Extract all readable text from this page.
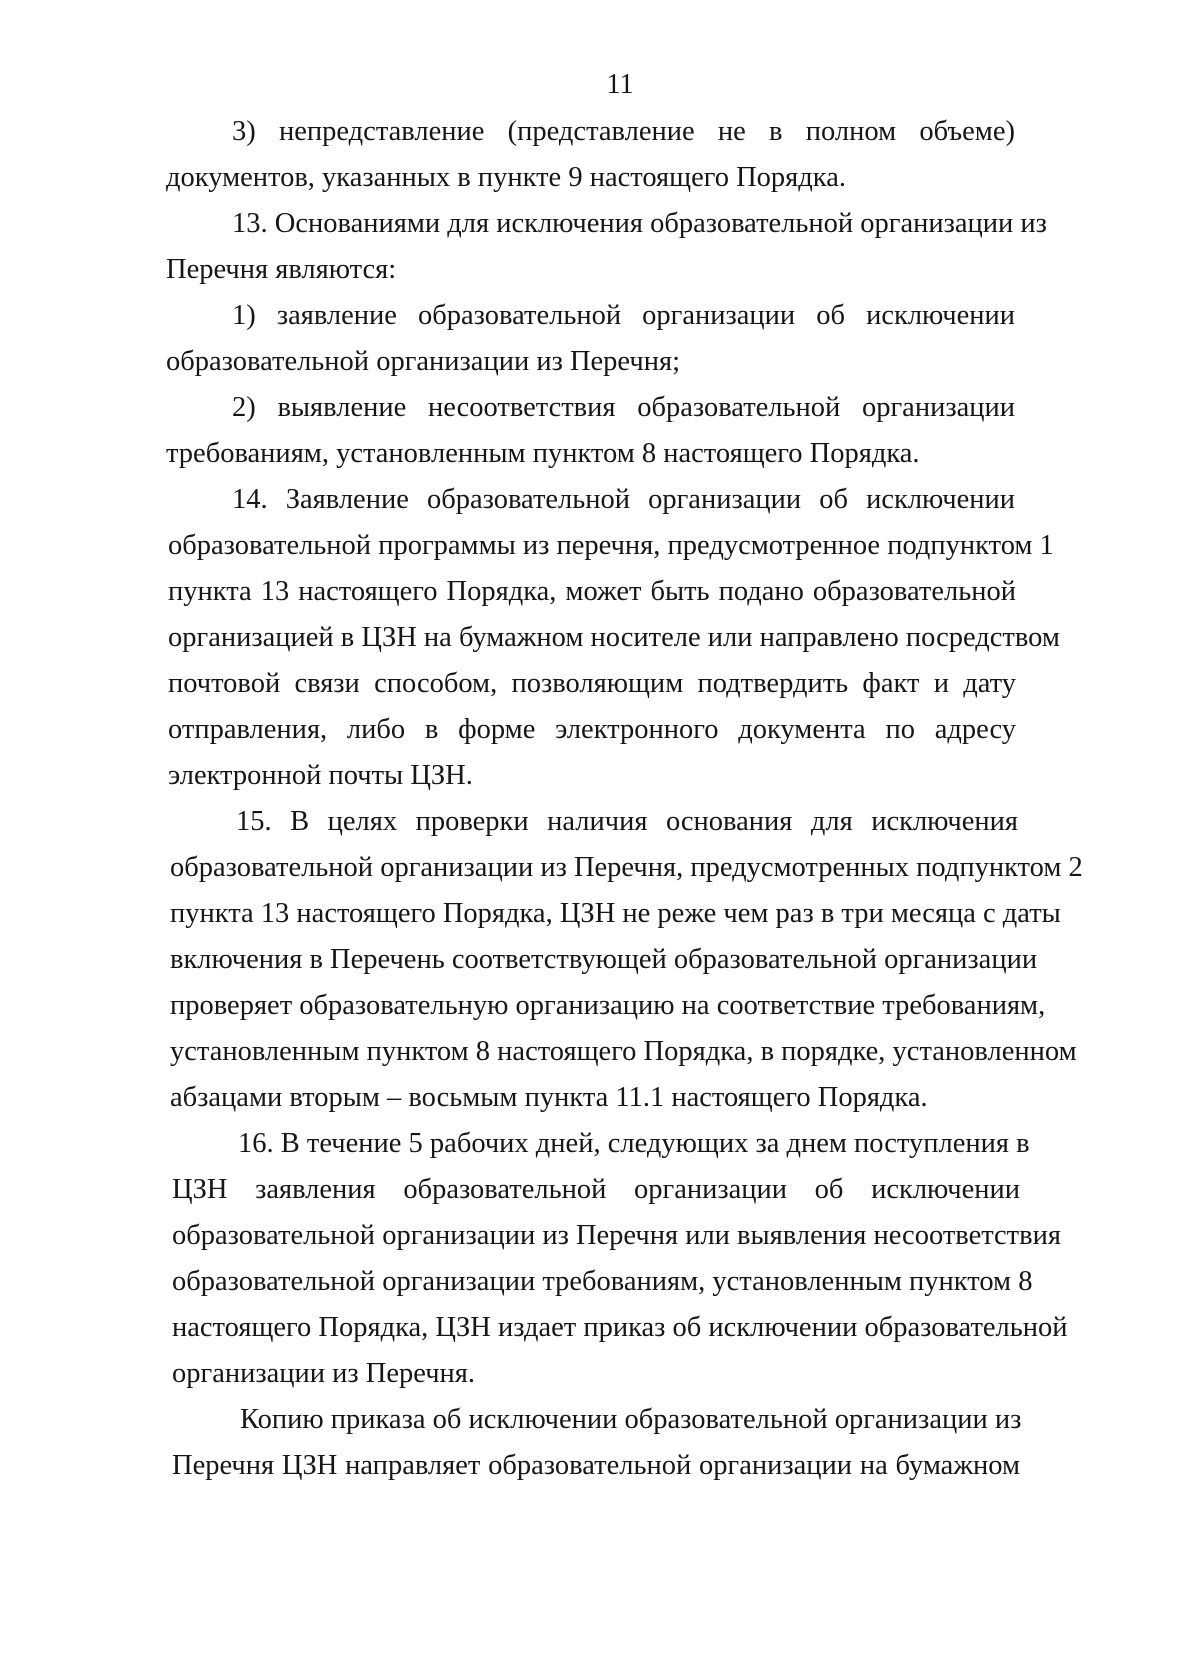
11
3) непредставление (представление не в полном объеме)
документов, указанных в пункте 9 настоящего Порядка.
13. Основаниями для исключения образовательной организации из
Перечня являются:
1) заявление образовательной организации об исключении
образовательной организации из Перечня;
2) выявление несоответствия образовательной организации
требованиям, установленным пунктом 8 настоящего Порядка.
14. Заявление образовательной организации об исключении
образовательной программы из перечня, предусмотренное подпунктом 1
пункта 13 настоящего Порядка, может быть подано образовательной
организацией в ЦЗН на бумажном носителе или направлено посредством
почтовой связи способом, позволяющим подтвердить факт и дату
отправления, либо в форме электронного документа по адресу
электронной почты ЦЗН.
15. В целях проверки наличия основания для исключения
образовательной организации из Перечня, предусмотренных подпунктом 2
пункта 13 настоящего Порядка, ЦЗН не реже чем раз в три месяца с даты
включения в Перечень соответствующей образовательной организации
проверяет образовательную организацию на соответствие требованиям,
установленным пунктом 8 настоящего Порядка, в порядке, установленном
абзацами вторым – восьмым пункта 11.1 настоящего Порядка.
16. В течение 5 рабочих дней, следующих за днем поступления в
ЦЗН заявления образовательной организации об исключении
образовательной организации из Перечня или выявления несоответствия
образовательной организации требованиям, установленным пунктом 8
настоящего Порядка, ЦЗН издает приказ об исключении образовательной
организации из Перечня.
Копию приказа об исключении образовательной организации из
Перечня ЦЗН направляет образовательной организации на бумажном
